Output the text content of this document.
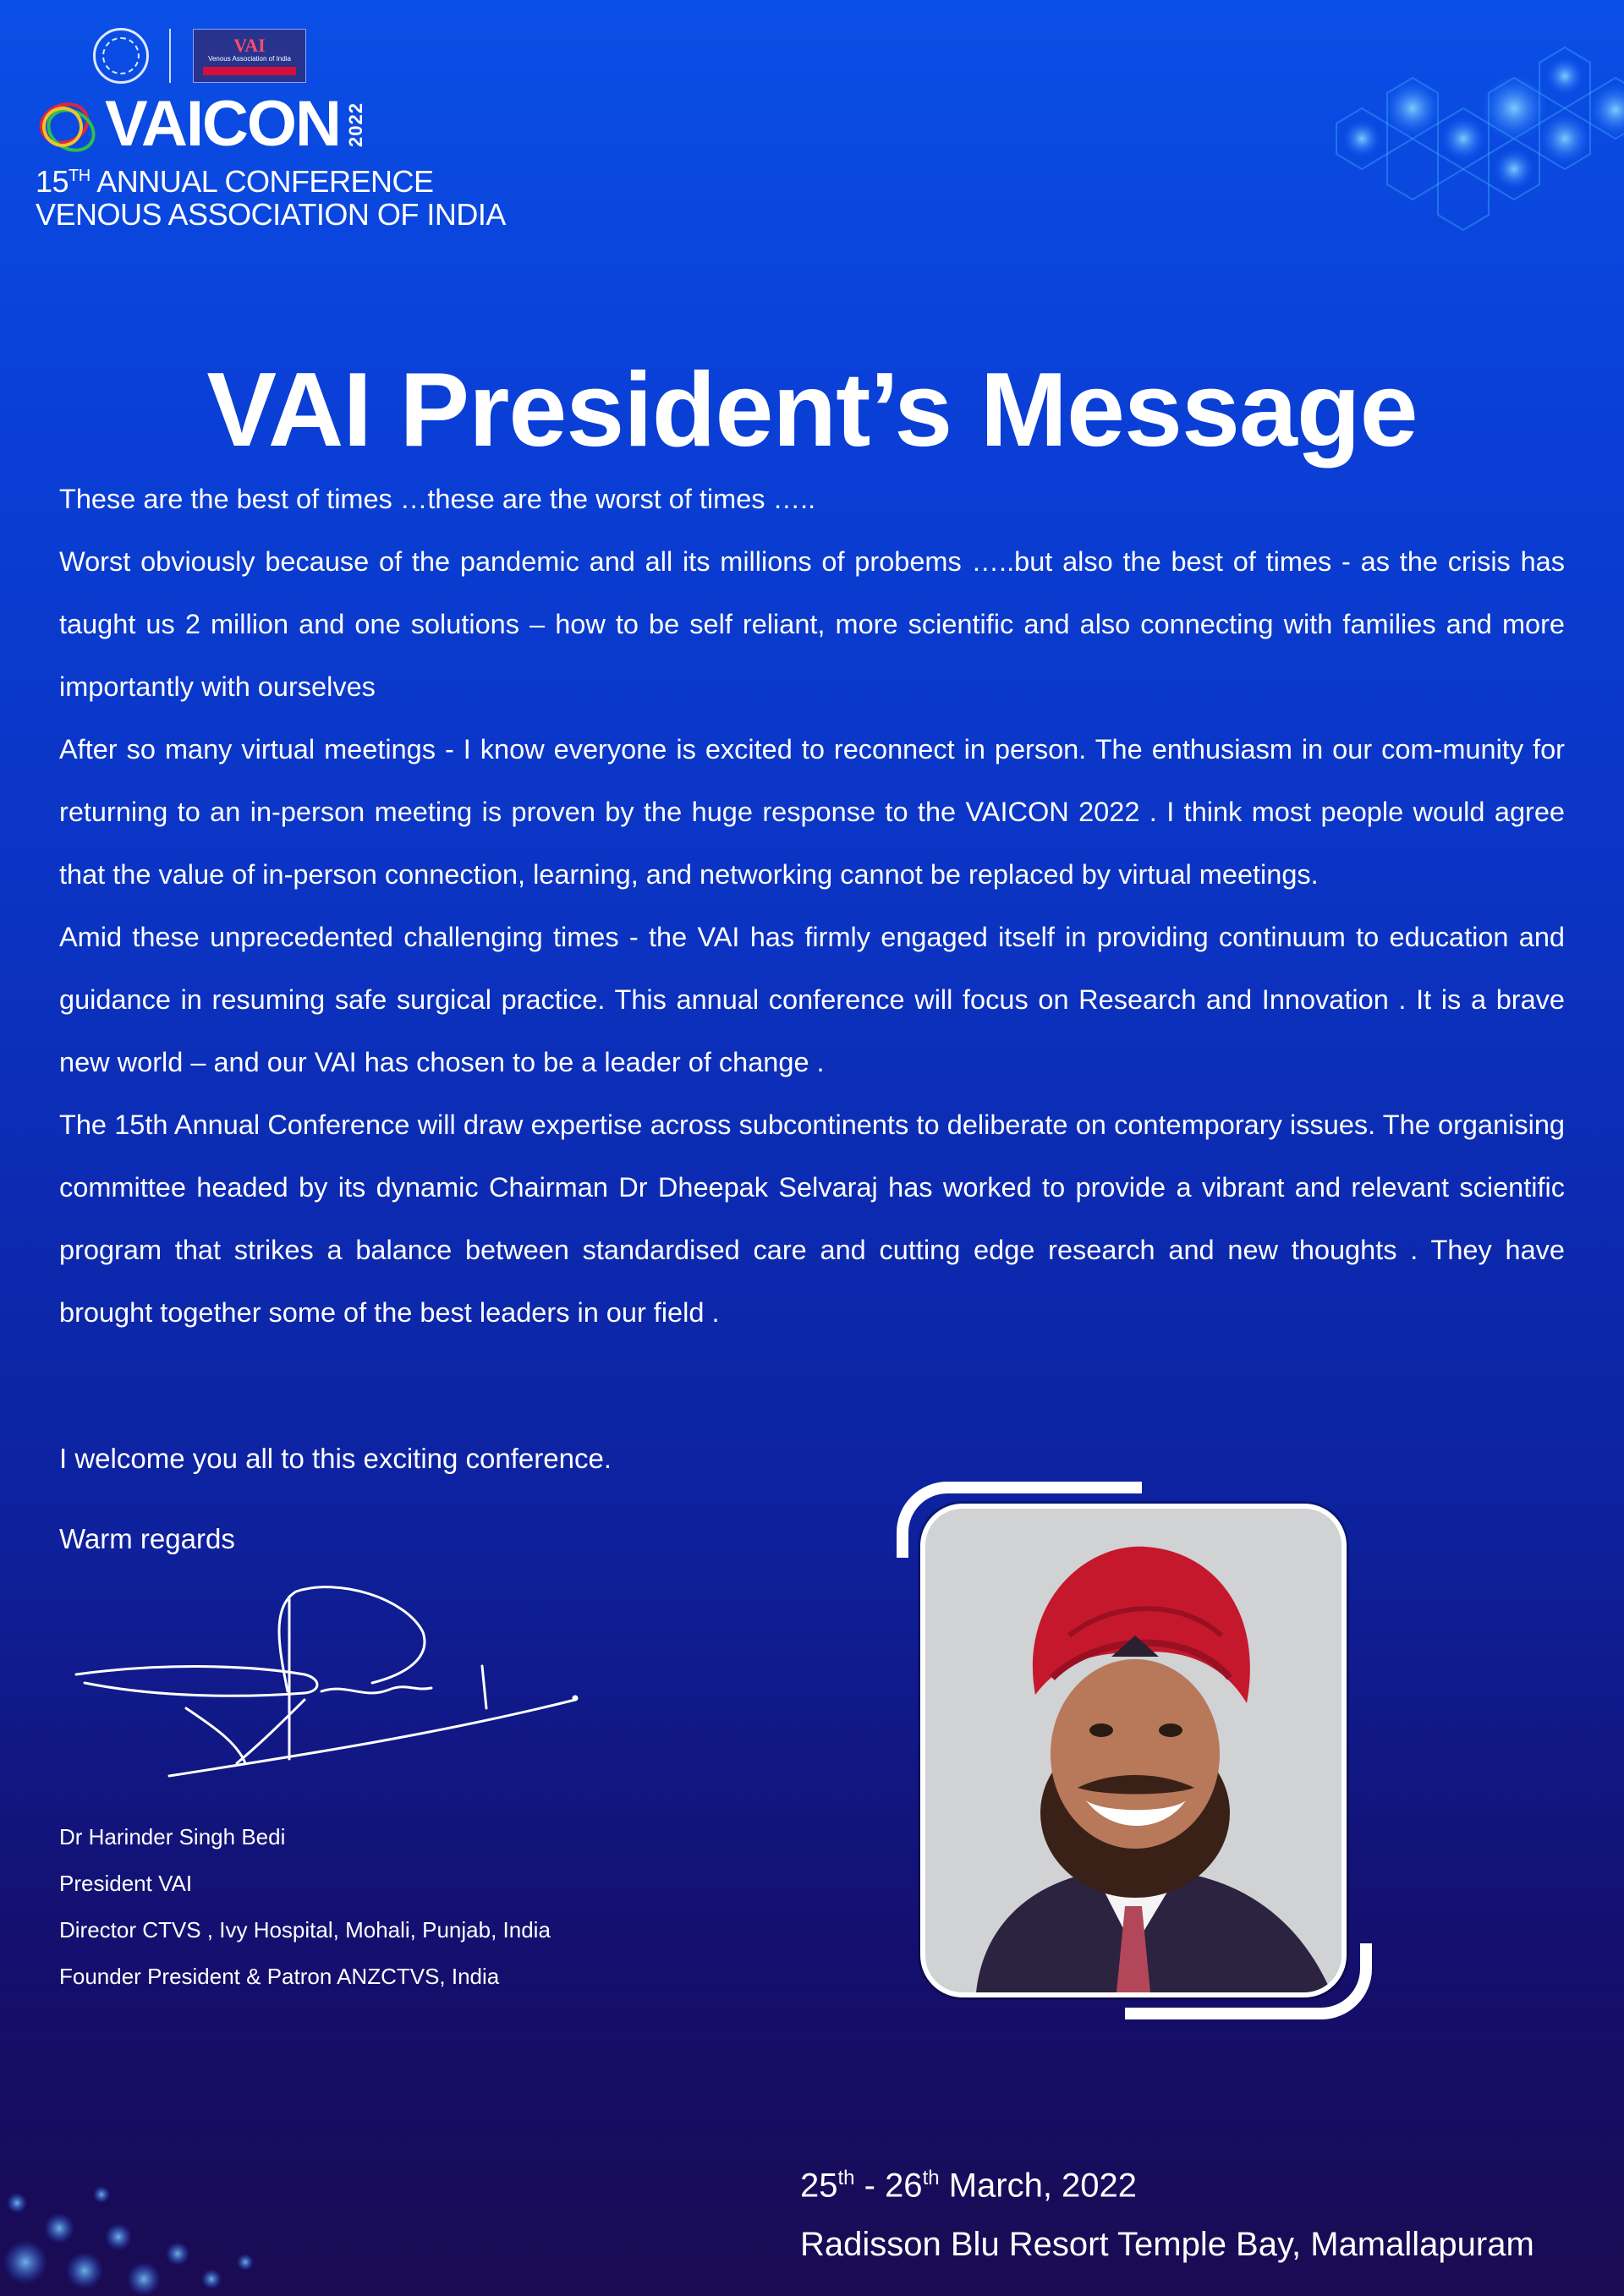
VAI
Venous Association of India
VAICON 2022
15TH ANNUAL CONFERENCE
VENOUS ASSOCIATION OF INDIA
VAI President’s Message

These are the best of times …these are the worst of times …..

Worst obviously because of the pandemic and all its millions of probems …..but also the best of times - as the crisis has taught us 2 million and one solutions – how to be self reliant, more scientific and also connecting with families and more importantly with ourselves

After so many virtual meetings - I know everyone is excited to reconnect in person. The enthusiasm in our com-munity for returning to an in-person meeting is proven by the huge response to the VAICON 2022 . I think most people would agree that the value of in-person connection, learning, and networking cannot be replaced by virtual meetings.

Amid these unprecedented challenging times - the VAI has firmly engaged itself in providing continuum to education and guidance in resuming safe surgical practice. This annual conference will focus on Research and Innovation . It is a brave new world – and our VAI has chosen to be a leader of change .

The 15th Annual Conference will draw expertise across subcontinents to deliberate on contemporary issues. The organising committee headed by its dynamic Chairman Dr Dheepak Selvaraj has worked to provide a vibrant and relevant scientific program that strikes a balance between standardised care and cutting edge research and new thoughts . They have brought together some of the best leaders in our field .

I welcome you all to this exciting conference.
Warm regards
Dr Harinder Singh Bedi
President VAI
Director CTVS , Ivy Hospital, Mohali, Punjab, India
Founder President & Patron ANZCTVS, India
25th - 26th March, 2022
Radisson Blu Resort Temple Bay, Mamallapuram
